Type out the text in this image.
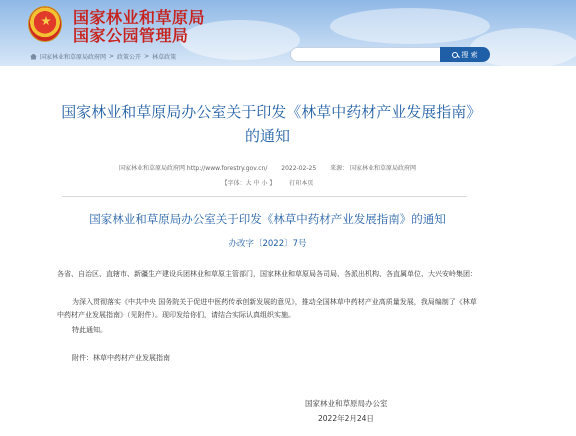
国家林业和草原局
国家公园管理局
国家林业和草原局政府网 > 政策公开 > 林草政策	搜 索
国家林业和草原局办公室关于印发《林草中药材产业发展指南》的通知
国家林业和草原局政府网 http://www.forestry.gov.cn/ 2022-02-25 来源： 国家林业和草原局政府网
【字体：大 中 小 】 打印本页
国家林业和草原局办公室关于印发《林草中药材产业发展指南》的通知
办改字〔2022〕7号
各省、自治区、直辖市、新疆生产建设兵团林业和草原主管部门，国家林业和草原局各司局、各派出机构、各直属单位、大兴安岭集团：
为深入贯彻落实《中共中央 国务院关于促进中医药传承创新发展的意见》，推动全国林草中药材产业高质量发展，我局编制了《林草中药材产业发展指南》（见附件）。现印发给你们，请结合实际认真组织实施。
特此通知。
附件：林草中药材产业发展指南
国家林业和草原局办公室
2022年2月24日
